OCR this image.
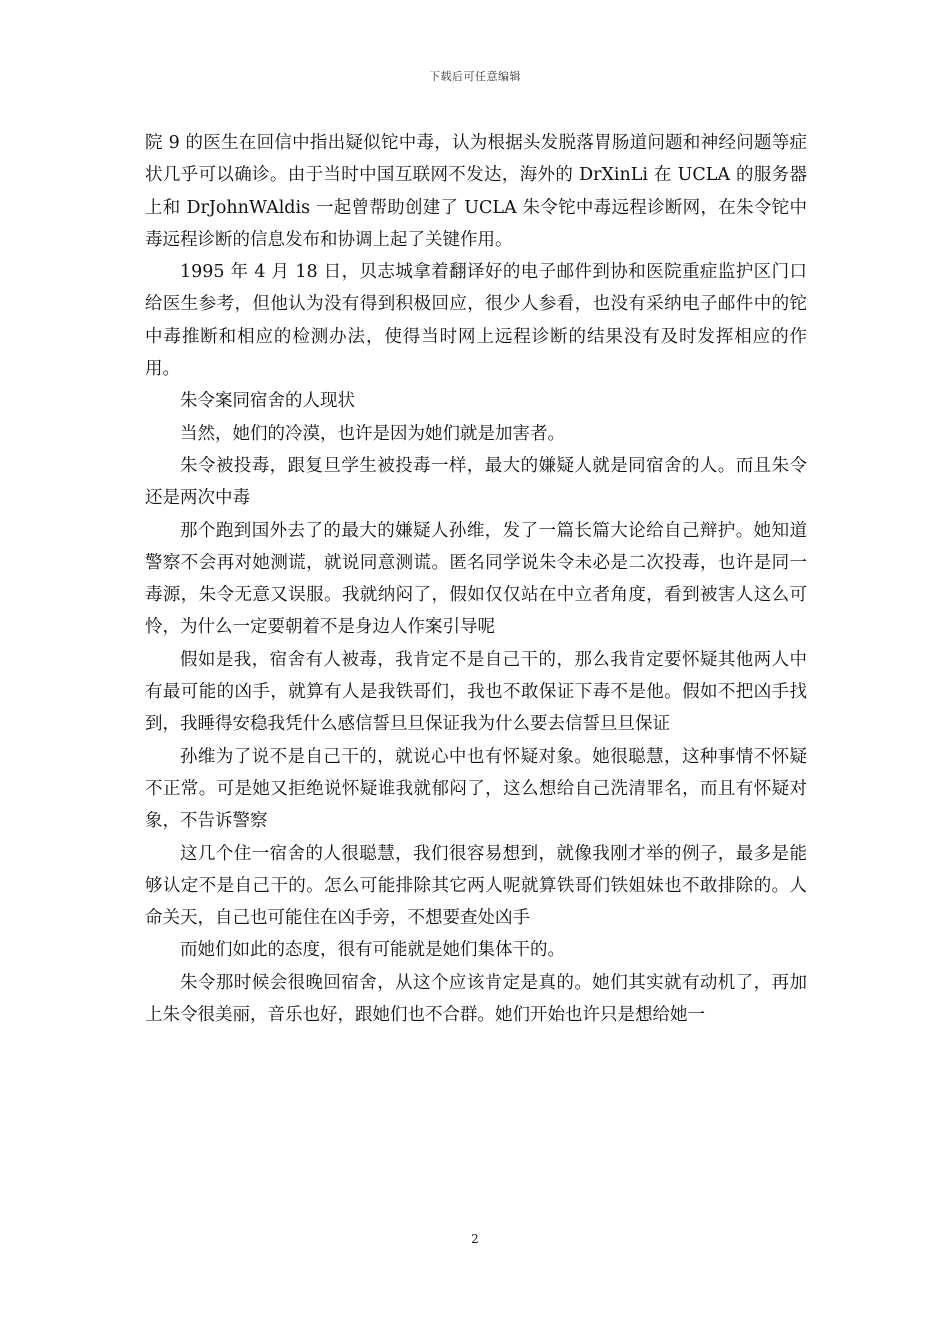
下载后可任意编辑

院 9 的医生在回信中指出疑似铊中毒，认为根据头发脱落胃肠道问题和神经问题等症状几乎可以确诊。由于当时中国互联网不发达，海外的 DrXinLi 在 UCLA 的服务器上和 DrJohnWAldis 一起曾帮助创建了 UCLA 朱令铊中毒远程诊断网，在朱令铊中毒远程诊断的信息发布和协调上起了关键作用。

1995 年 4 月 18 日，贝志城拿着翻译好的电子邮件到协和医院重症监护区门口给医生参考，但他认为没有得到积极回应，很少人参看，也没有采纳电子邮件中的铊中毒推断和相应的检测办法，使得当时网上远程诊断的结果没有及时发挥相应的作用。

朱令案同宿舍的人现状

当然，她们的冷漠，也许是因为她们就是加害者。

朱令被投毒，跟复旦学生被投毒一样，最大的嫌疑人就是同宿舍的人。而且朱令还是两次中毒

那个跑到国外去了的最大的嫌疑人孙维，发了一篇长篇大论给自己辩护。她知道警察不会再对她测谎，就说同意测谎。匿名同学说朱令未必是二次投毒，也许是同一毒源，朱令无意又误服。我就纳闷了，假如仅仅站在中立者角度，看到被害人这么可怜，为什么一定要朝着不是身边人作案引导呢

假如是我，宿舍有人被毒，我肯定不是自己干的，那么我肯定要怀疑其他两人中有最可能的凶手，就算有人是我铁哥们，我也不敢保证下毒不是他。假如不把凶手找到，我睡得安稳我凭什么感信誓旦旦保证我为什么要去信誓旦旦保证

孙维为了说不是自己干的，就说心中也有怀疑对象。她很聪慧，这种事情不怀疑不正常。可是她又拒绝说怀疑谁我就郁闷了，这么想给自己洗清罪名，而且有怀疑对象，不告诉警察

这几个住一宿舍的人很聪慧，我们很容易想到，就像我刚才举的例子，最多是能够认定不是自己干的。怎么可能排除其它两人呢就算铁哥们铁姐妹也不敢排除的。人命关天，自己也可能住在凶手旁，不想要查处凶手

而她们如此的态度，很有可能就是她们集体干的。

朱令那时候会很晚回宿舍，从这个应该肯定是真的。她们其实就有动机了，再加上朱令很美丽，音乐也好，跟她们也不合群。她们开始也许只是想给她一

2
